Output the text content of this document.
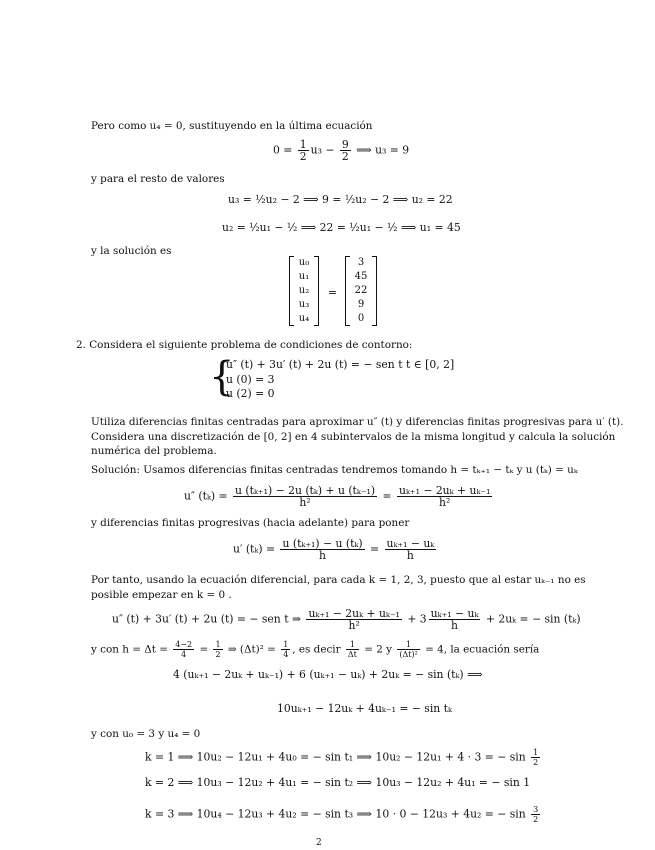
Pero como u₄ = 0, sustituyendo en la última ecuación
$0 = \frac{1}{2} u_3 - \frac{9}{2}$ ⟹ u₃ = 9
y para el resto de valores
u₃ = ½u₂ − 2 ⟹ 9 = ½u₂ − 2 ⟹ u₂ = 22
u₂ = ½u₁ − ½ ⟹ 22 = ½u₁ − ½ ⟹ u₁ = 45
y la solución es
u₀
u₁
u₂
u₃
u₄
=
3
45
22
9
0
2. Considera el siguiente problema de condiciones de contorno:
{
u″ (t) + 3u′ (t) + 2u (t) = − sen t t ∈ [0, 2]
u (0) = 3
u (2) = 0
Utiliza diferencias finitas centradas para aproximar u″ (t) y diferencias finitas progresivas para u′ (t).
Considera una discretización de [0, 2] en 4 subintervalos de la misma longitud y calcula la solución
numérica del problema.
Solución: Usamos diferencias finitas centradas tendremos tomando h = tₖ₊₁ − tₖ y u (tₖ) = uₖ
u″ $(t_k) = \frac{\text{u (tₖ₊₁) − 2u (tₖ) + u (tₖ₋₁)}}{\text{h²}} = \frac{\text{uₖ₊₁ − 2uₖ + uₖ₋₁}}{\text{h²}}$
y diferencias finitas progresivas (hacia adelante) para poner
u′ $(t_k) = \frac{\text{u (tₖ₊₁) − u (tₖ)}}{h} = \frac{\text{uₖ₊₁ − uₖ}}{h}$
Por tanto, usando la ecuación diferencial, para cada k = 1, 2, 3, puesto que al estar uₖ₋₁ no es
posible empezar en k = 0 .
u″ (t) + 3u′ (t) + 2u (t) = − sen t ⇒ $\frac{\text{uₖ₊₁ − 2uₖ + uₖ₋₁}}{\text{h²}} + 3 \frac{\text{uₖ₊₁ − uₖ}}{h} + 2u_k$ = − sin (tₖ)
y con $h = \Delta t = \frac{4-2}{4} = \frac{1}{2}$ ⇒ $(\Delta t)^2 = \frac{1}{4}$ , es decir $\frac{1}{\Delta t} = 2$ y $\frac{1}{\text{(Δt)²}} = 4$, la ecuación sería
4 (uₖ₊₁ − 2uₖ + uₖ₋₁) + 6 (uₖ₊₁ − uₖ) + 2uₖ = − sin (tₖ) ⟹
10uₖ₊₁ − 12uₖ + 4uₖ₋₁ = − sin tₖ
y con u₀ = 3 y u₄ = 0
k = 1 ⟹ 10u₂ − 12u₁ + 4u₀ = − sin t₁ ⟹ 10u₂ − 12u₁ + 4 · 3 = − $\sin \frac{1}{2}$
k = 2 ⟹ 10u₃ − 12u₂ + 4u₁ = − sin t₂ ⟹ 10u₃ − 12u₂ + 4u₁ = − sin 1
k = 3 ⟹ 10u₄ − 12u₃ + 4u₂ = − sin t₃ ⟹ 10 · 0 − 12u₃ + 4u₂ = − $\sin \frac{3}{2}$
2
